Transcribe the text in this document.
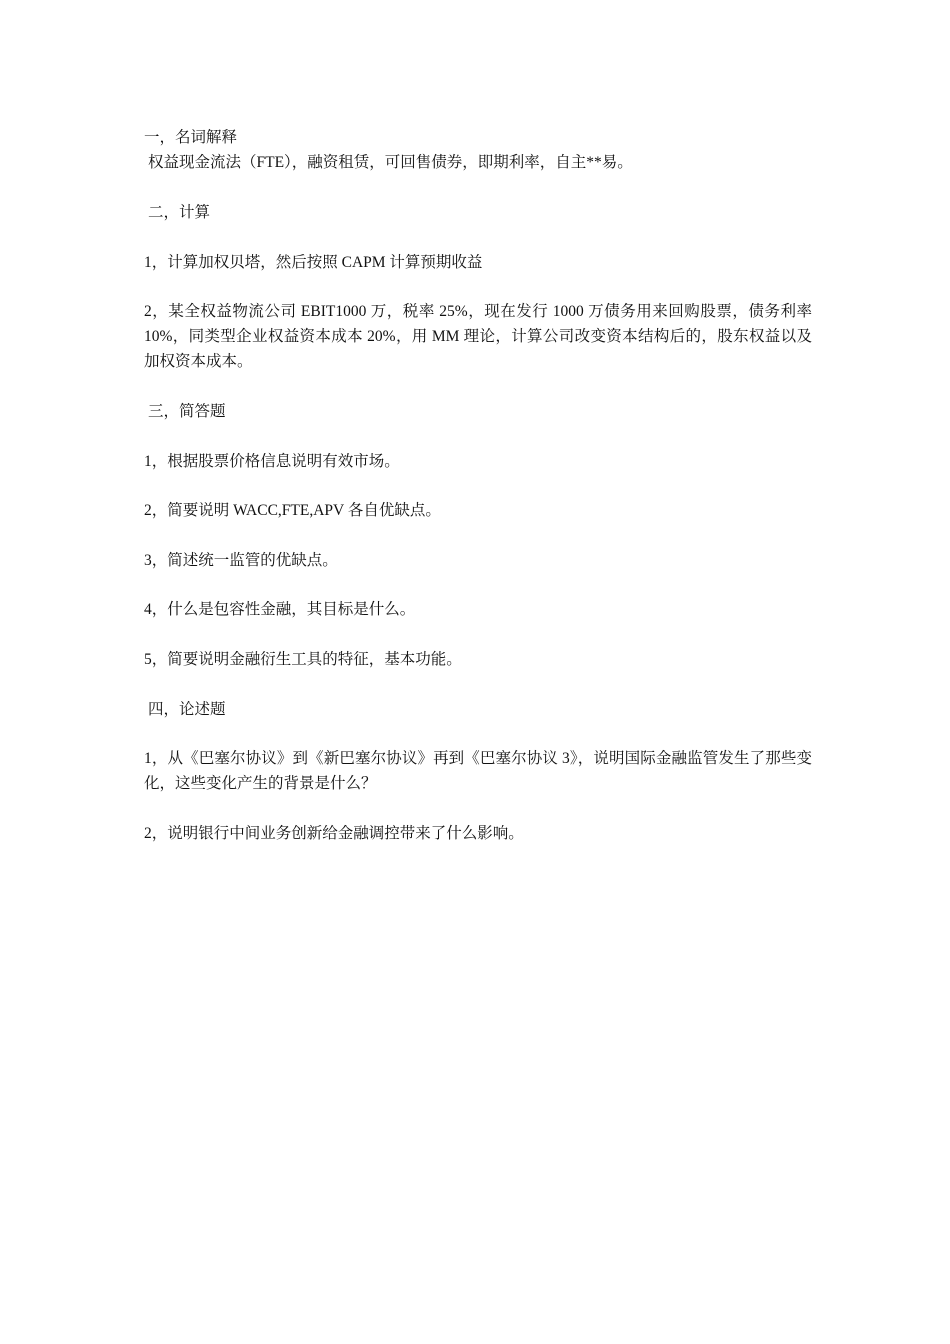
一，名词解释

权益现金流法（FTE），融资租赁，可回售债券，即期利率，自主**易。

二，计算

1，计算加权贝塔，然后按照 CAPM 计算预期收益

2，某全权益物流公司 EBIT1000 万，税率 25%，现在发行 1000 万债务用来回购股票，债务利率 10%，同类型企业权益资本成本 20%，用 MM 理论，计算公司改变资本结构后的，股东权益以及加权资本成本。

三，简答题

1，根据股票价格信息说明有效市场。

2，简要说明 WACC,FTE,APV 各自优缺点。

3，简述统一监管的优缺点。

4，什么是包容性金融，其目标是什么。

5，简要说明金融衍生工具的特征，基本功能。

四，论述题

1，从《巴塞尔协议》到《新巴塞尔协议》再到《巴塞尔协议 3》，说明国际金融监管发生了那些变化，这些变化产生的背景是什么？

2，说明银行中间业务创新给金融调控带来了什么影响。
